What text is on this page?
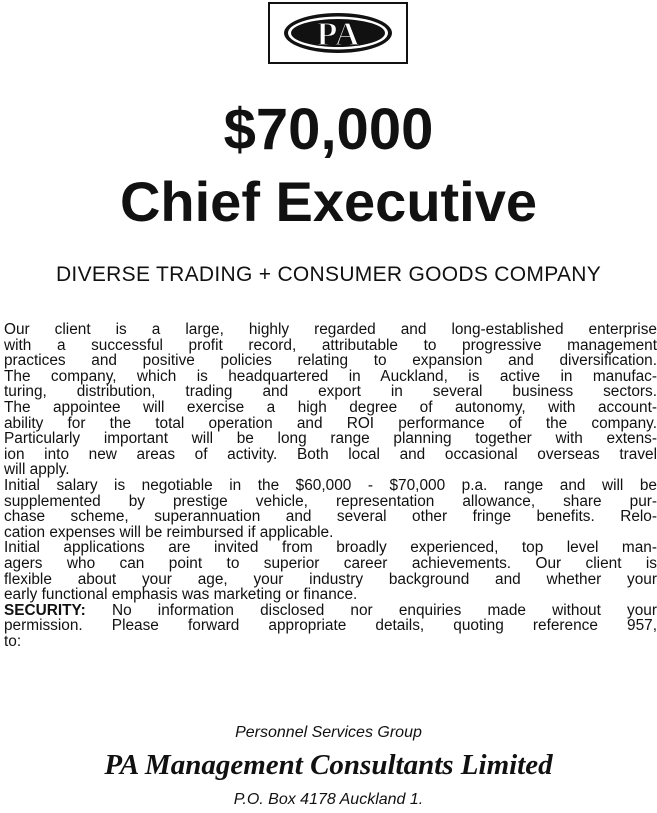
PA
$70,000
Chief Executive
DIVERSE TRADING + CONSUMER GOODS COMPANY
Our client is a large, highly regarded and long-established enterprise
with a successful profit record, attributable to progressive management
practices and positive policies relating to expansion and diversification.
The company, which is headquartered in Auckland, is active in manufac-
turing, distribution, trading and export in several business sectors.
The appointee will exercise a high degree of autonomy, with account-
ability for the total operation and ROI performance of the company.
Particularly important will be long range planning together with extens-
ion into new areas of activity. Both local and occasional overseas travel
will apply.
Initial salary is negotiable in the $60,000 - $70,000 p.a. range and will be
supplemented by prestige vehicle, representation allowance, share pur-
chase scheme, superannuation and several other fringe benefits. Relo-
cation expenses will be reimbursed if applicable.
Initial applications are invited from broadly experienced, top level man-
agers who can point to superior career achievements. Our client is
flexible about your age, your industry background and whether your
early functional emphasis was marketing or finance.
SECURITY: No information disclosed nor enquiries made without your
permission. Please forward appropriate details, quoting reference 957,
to:
Personnel Services Group
PA Management Consultants Limited
P.O. Box 4178 Auckland 1.
